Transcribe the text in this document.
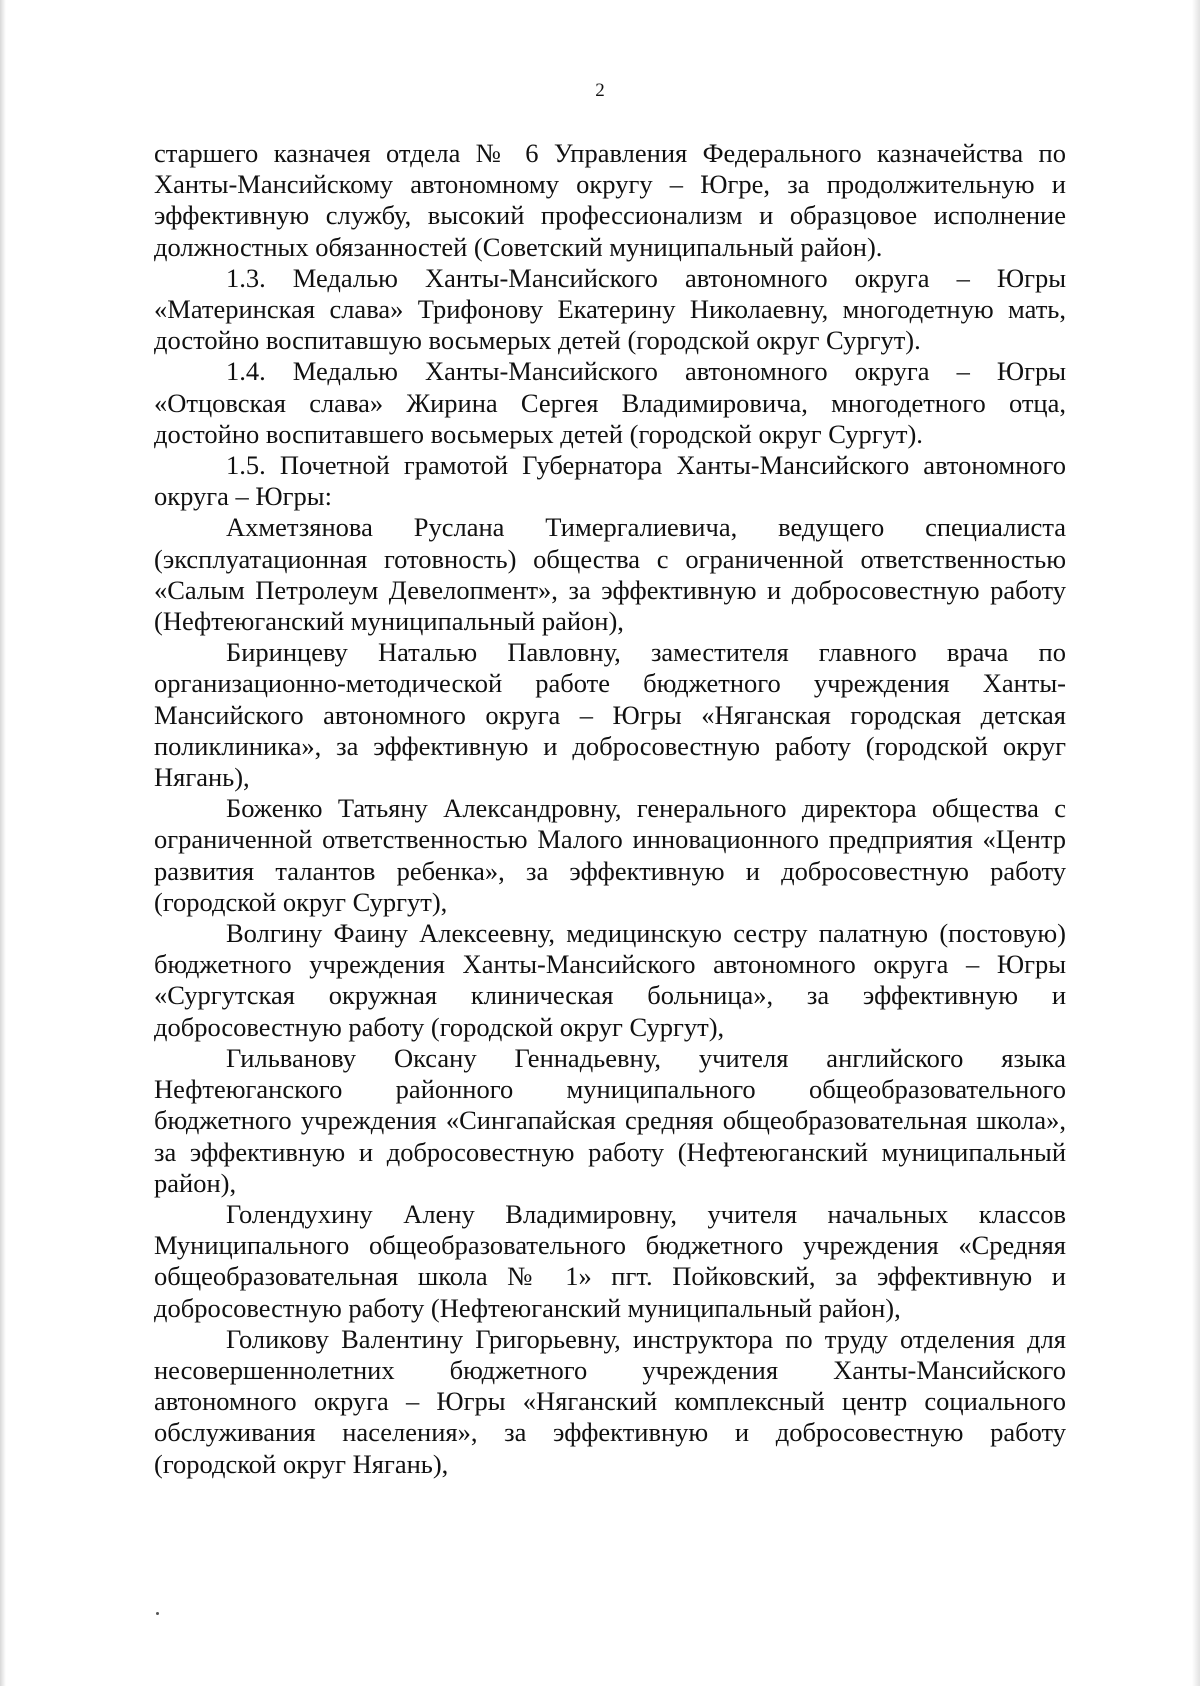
2

старшего казначея отдела № 6 Управления Федерального казначейства по Ханты-Мансийскому автономному округу – Югре, за продолжительную и эффективную службу, высокий профессионализм и образцовое исполнение должностных обязанностей (Советский муниципальный район).

1.3. Медалью Ханты-Мансийского автономного округа – Югры «Материнская слава» Трифонову Екатерину Николаевну, многодетную мать, достойно воспитавшую восьмерых детей (городской округ Сургут).

1.4. Медалью Ханты-Мансийского автономного округа – Югры «Отцовская слава» Жирина Сергея Владимировича, многодетного отца, достойно воспитавшего восьмерых детей (городской округ Сургут).

1.5. Почетной грамотой Губернатора Ханты-Мансийского автономного округа – Югры:

Ахметзянова Руслана Тимергалиевича, ведущего специалиста (эксплуатационная готовность) общества с ограниченной ответственностью «Салым Петролеум Девелопмент», за эффективную и добросовестную работу (Нефтеюганский муниципальный район),

Биринцеву Наталью Павловну, заместителя главного врача по организационно-методической работе бюджетного учреждения Ханты-Мансийского автономного округа – Югры «Няганская городская детская поликлиника», за эффективную и добросовестную работу (городской округ Нягань),

Боженко Татьяну Александровну, генерального директора общества с ограниченной ответственностью Малого инновационного предприятия «Центр развития талантов ребенка», за эффективную и добросовестную работу (городской округ Сургут),

Волгину Фаину Алексеевну, медицинскую сестру палатную (постовую) бюджетного учреждения Ханты-Мансийского автономного округа – Югры «Сургутская окружная клиническая больница», за эффективную и добросовестную работу (городской округ Сургут),

Гильванову Оксану Геннадьевну, учителя английского языка Нефтеюганского районного муниципального общеобразовательного бюджетного учреждения «Сингапайская средняя общеобразовательная школа», за эффективную и добросовестную работу (Нефтеюганский муниципальный район),

Голендухину Алену Владимировну, учителя начальных классов Муниципального общеобразовательного бюджетного учреждения «Средняя общеобразовательная школа № 1» пгт. Пойковский, за эффективную и добросовестную работу (Нефтеюганский муниципальный район),

Голикову Валентину Григорьевну, инструктора по труду отделения для несовершеннолетних бюджетного учреждения Ханты-Мансийского автономного округа – Югры «Няганский комплексный центр социального обслуживания населения», за эффективную и добросовестную работу (городской округ Нягань),
